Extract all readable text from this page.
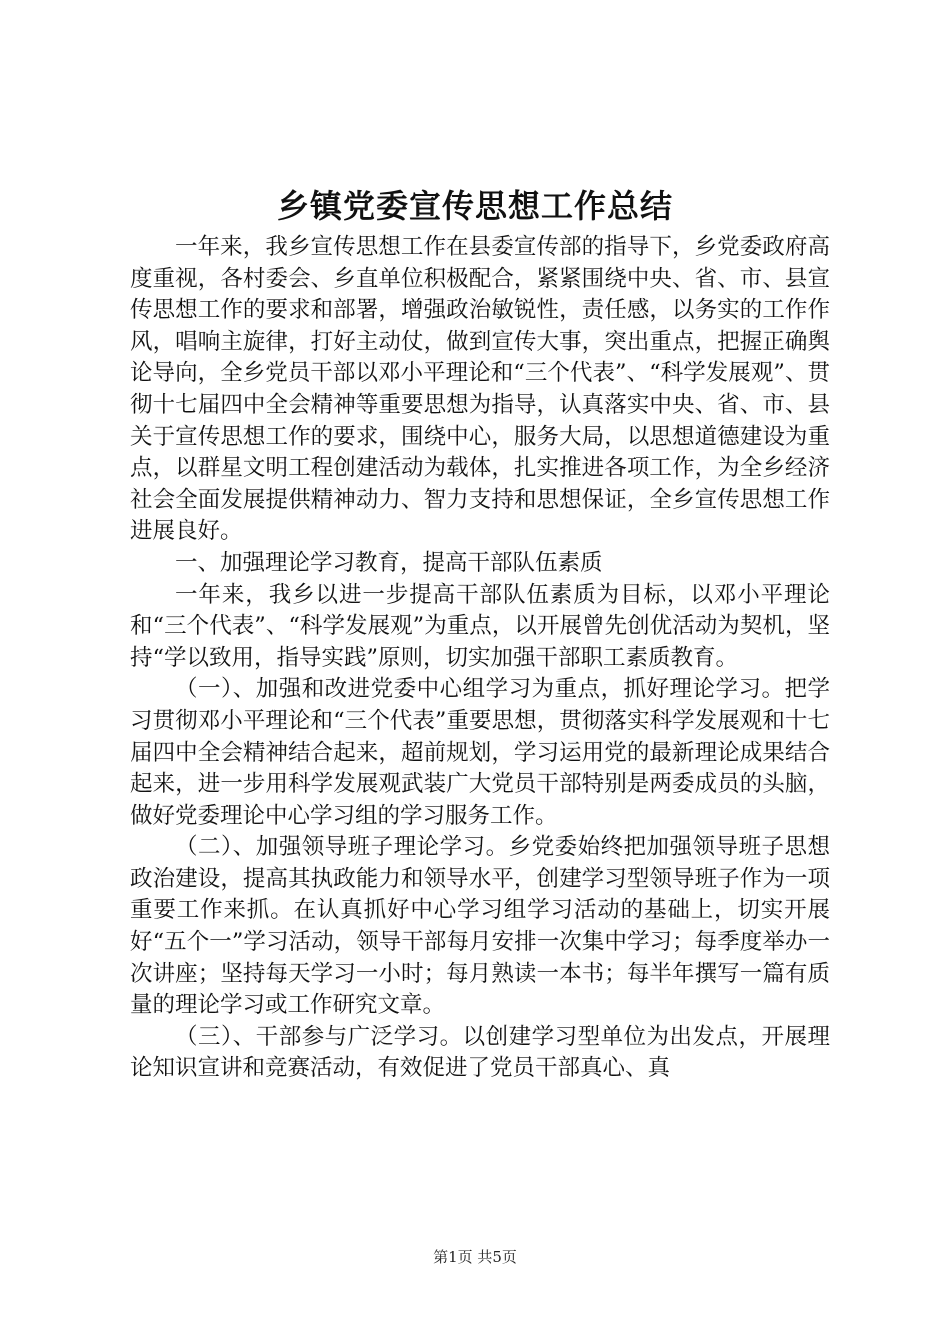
乡镇党委宣传思想工作总结

一年来，我乡宣传思想工作在县委宣传部的指导下，乡党委政府高度重视，各村委会、乡直单位积极配合，紧紧围绕中央、省、市、县宣传思想工作的要求和部署，增强政治敏锐性，责任感，以务实的工作作风，唱响主旋律，打好主动仗，做到宣传大事，突出重点，把握正确舆论导向，全乡党员干部以邓小平理论和“三个代表”、“科学发展观”、贯彻十七届四中全会精神等重要思想为指导，认真落实中央、省、市、县关于宣传思想工作的要求，围绕中心，服务大局，以思想道德建设为重点，以群星文明工程创建活动为载体，扎实推进各项工作，为全乡经济社会全面发展提供精神动力、智力支持和思想保证，全乡宣传思想工作进展良好。

一、加强理论学习教育，提高干部队伍素质

一年来，我乡以进一步提高干部队伍素质为目标，以邓小平理论和“三个代表”、“科学发展观”为重点，以开展曾先创优活动为契机，坚持“学以致用，指导实践”原则，切实加强干部职工素质教育。

（一）、加强和改进党委中心组学习为重点，抓好理论学习。把学习贯彻邓小平理论和“三个代表”重要思想，贯彻落实科学发展观和十七届四中全会精神结合起来，超前规划，学习运用党的最新理论成果结合起来，进一步用科学发展观武装广大党员干部特别是两委成员的头脑，做好党委理论中心学习组的学习服务工作。

（二）、加强领导班子理论学习。乡党委始终把加强领导班子思想政治建设，提高其执政能力和领导水平，创建学习型领导班子作为一项重要工作来抓。在认真抓好中心学习组学习活动的基础上，切实开展好“五个一”学习活动，领导干部每月安排一次集中学习；每季度举办一次讲座；坚持每天学习一小时；每月熟读一本书；每半年撰写一篇有质量的理论学习或工作研究文章。

（三）、干部参与广泛学习。以创建学习型单位为出发点，开展理论知识宣讲和竞赛活动，有效促进了党员干部真心、真

第1页 共5页
